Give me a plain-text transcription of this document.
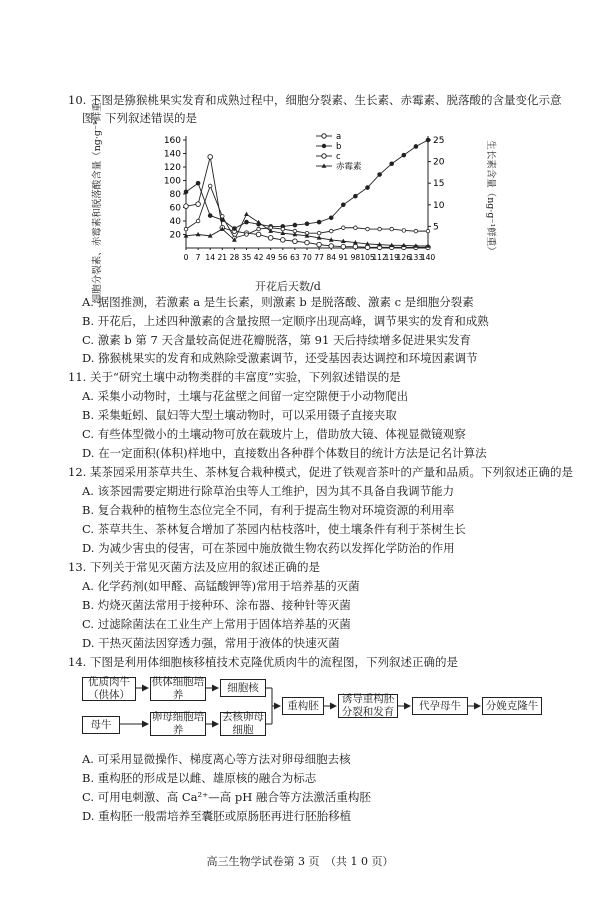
10. 下图是猕猴桃果实发育和成熟过程中，细胞分裂素、生长素、赤霉素、脱落酸的含量变化示意
图，下列叙述错误的是
20
40
60
80
100
120
140
160
5
10
15
20
25
0 7 14 21 28 35 42 49 56 63 70 77 84 91 98 105
112
119
126
133
140
a
b
c
赤霉素
细胞分裂素、赤霉素和脱落酸含量（ng·g⁻¹鲜重）	生长素含量（ng·g⁻¹鲜重）
开花后天数/d
A. 据图推测，若激素 a 是生长素，则激素 b 是脱落酸、激素 c 是细胞分裂素
B. 开花后，上述四种激素的含量按照一定顺序出现高峰，调节果实的发育和成熟
C. 激素 b 第 7 天含量较高促进花瓣脱落，第 91 天后持续增多促进果实发育
D. 猕猴桃果实的发育和成熟除受激素调节，还受基因表达调控和环境因素调节
11. 关于“研究土壤中动物类群的丰富度”实验，下列叙述错误的是
A. 采集小动物时，土壤与花盆壁之间留一定空隙便于小动物爬出
B. 采集蚯蚓、鼠妇等大型土壤动物时，可以采用镊子直接夹取
C. 有些体型微小的土壤动物可放在载玻片上，借助放大镜、体视显微镜观察
D. 在一定面积(体积)样地中，直接数出各种群个体数目的统计方法是记名计算法
12. 某茶园采用茶草共生、茶林复合栽种模式，促进了铁观音茶叶的产量和品质。下列叙述正确的是
A. 该茶园需要定期进行除草治虫等人工维护，因为其不具备自我调节能力
B. 复合栽种的植物生态位完全不同，有利于提高生物对环境资源的利用率
C. 茶草共生、茶林复合增加了茶园内枯枝落叶，使土壤条件有利于茶树生长
D. 为减少害虫的侵害，可在茶园中施放微生物农药以发挥化学防治的作用
13. 下列关于常见灭菌方法及应用的叙述正确的是
A. 化学药剂(如甲醛、高锰酸钾等)常用于培养基的灭菌
B. 灼烧灭菌法常用于接种环、涂布器、接种针等灭菌
C. 过滤除菌法在工业生产上常用于固体培养基的灭菌
D. 干热灭菌法因穿透力强，常用于液体的快速灭菌
14. 下图是利用体细胞核移植技术克隆优质肉牛的流程图，下列叙述正确的是
优质肉牛（供体）
供体细胞培养
细胞核
母牛
卵母细胞培养
去核卵母细胞
重构胚
诱导重构胚分裂和发育
代孕母牛	分娩克隆牛
A. 可采用显微操作、梯度离心等方法对卵母细胞去核
B. 重构胚的形成是以雌、雄原核的融合为标志
C. 可用电刺激、高 Ca²⁺—高 pH 融合等方法激活重构胚
D. 重构胚一般需培养至囊胚或原肠胚再进行胚胎移植
高三生物学试卷第 3 页　（共 1 0 页）
